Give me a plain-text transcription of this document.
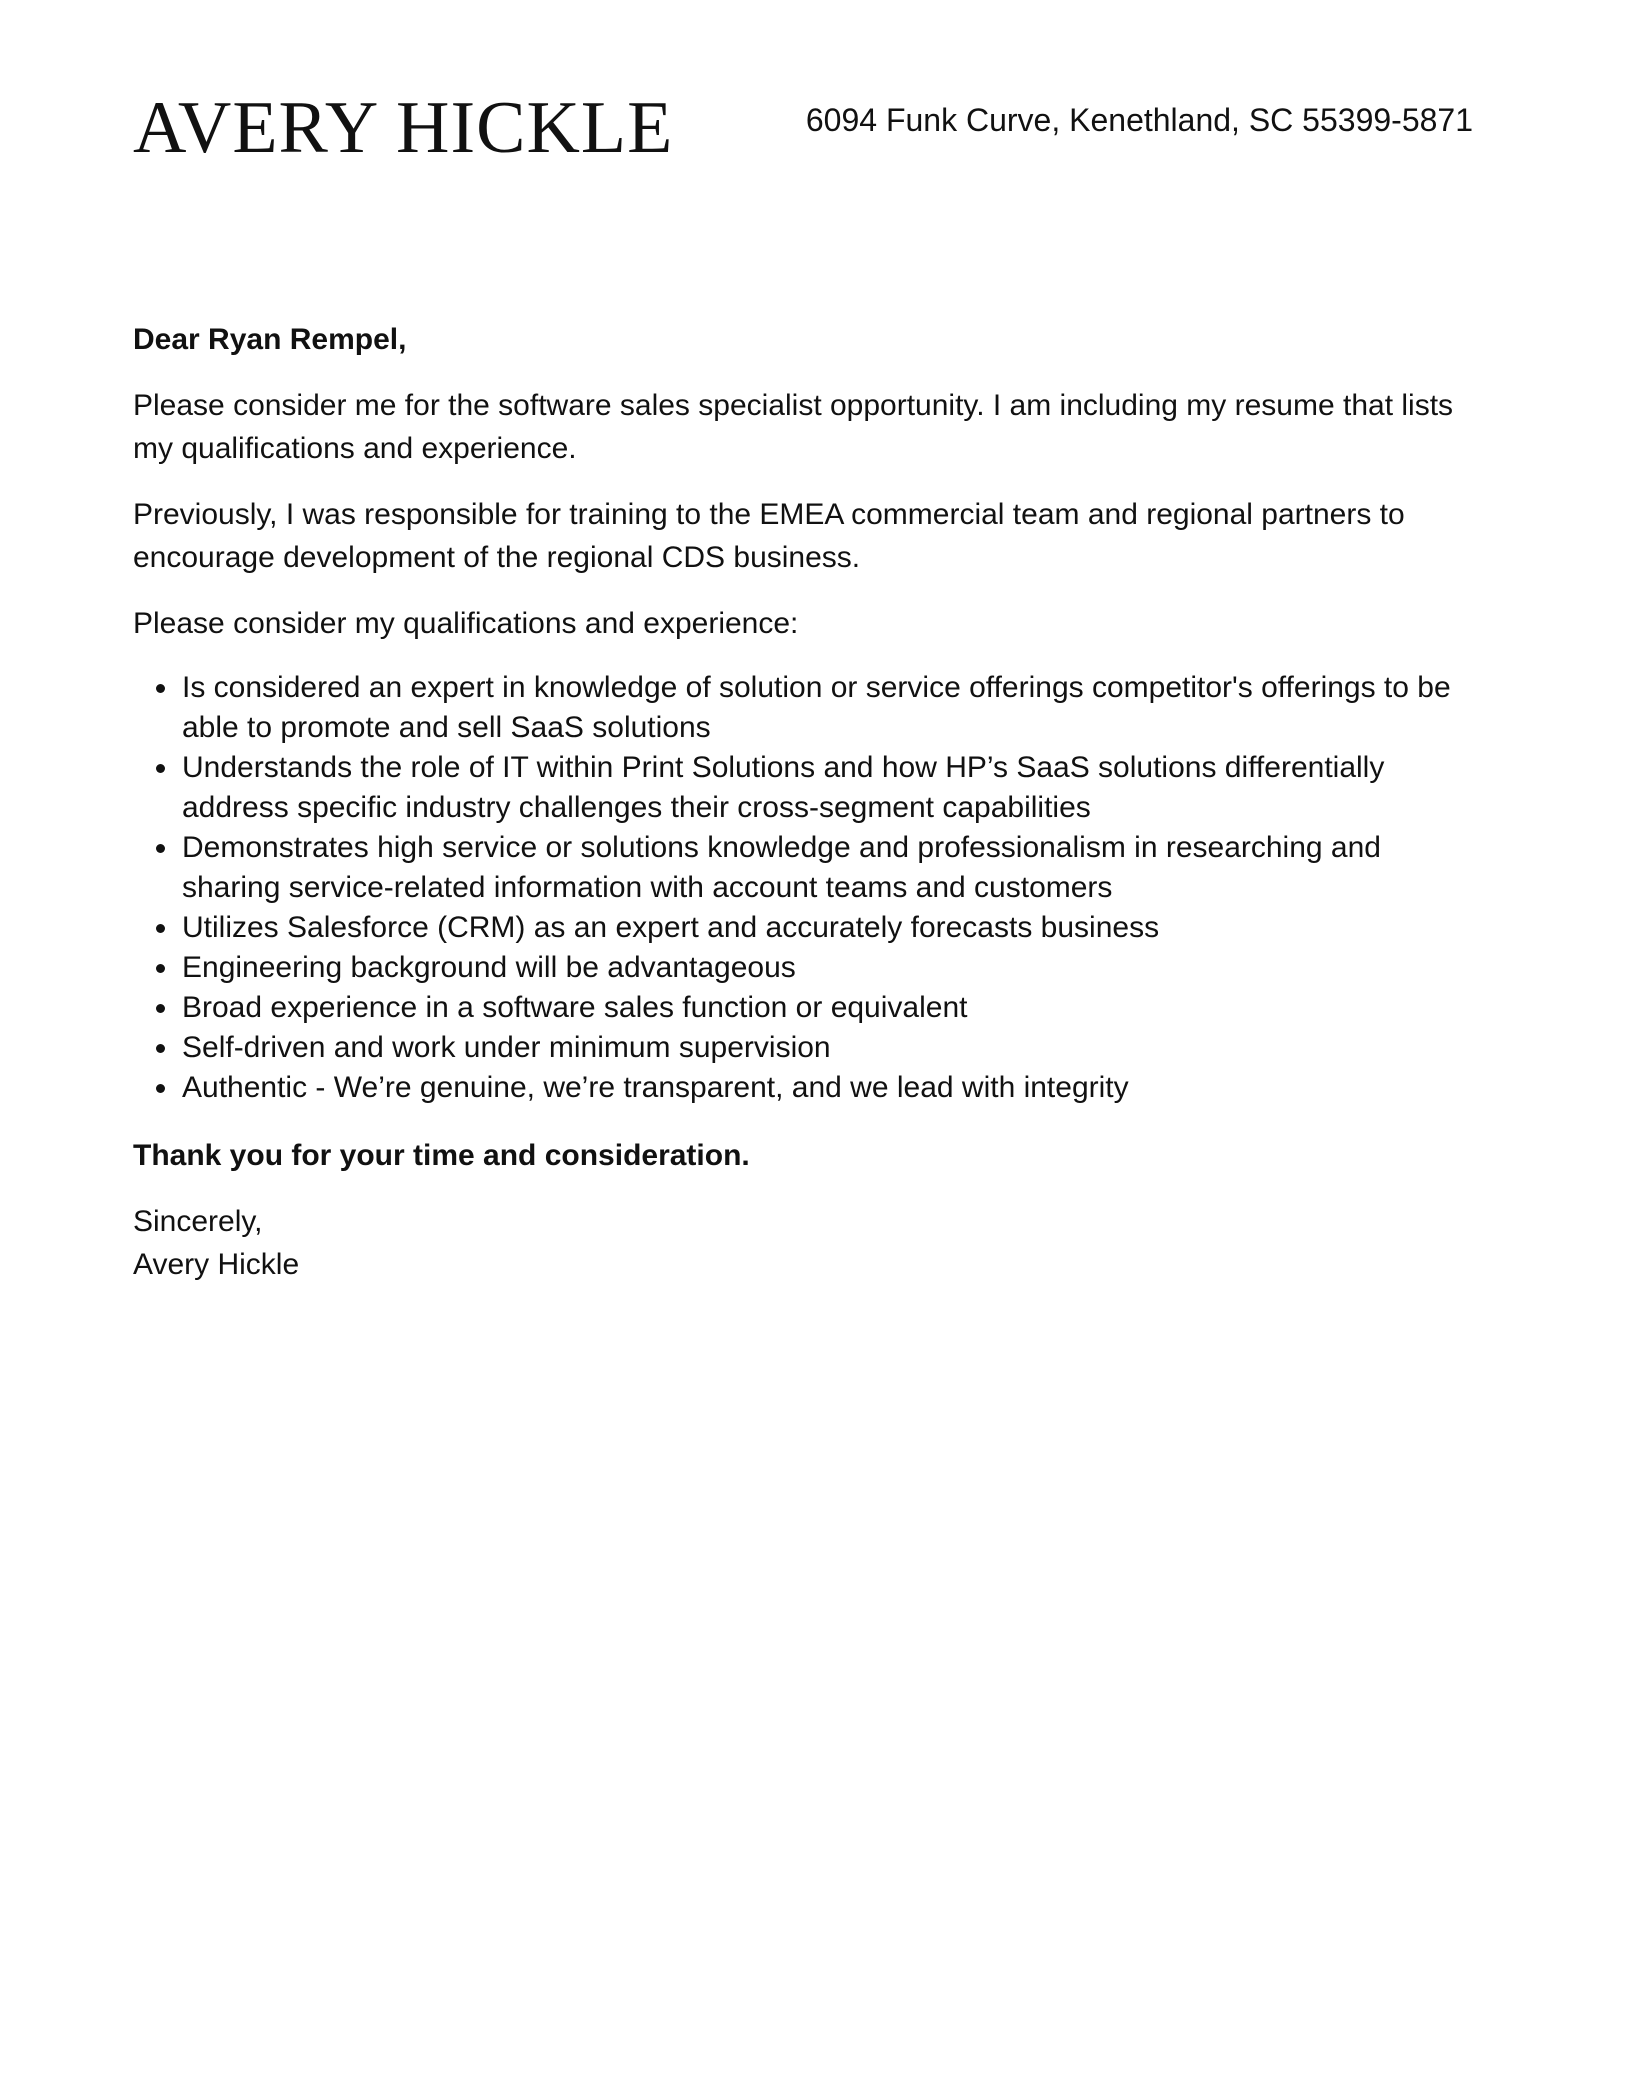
AVERY HICKLE	6094 Funk Curve, Kenethland, SC 55399-5871

Dear Ryan Rempel,

Please consider me for the software sales specialist opportunity. I am including my resume that lists my qualifications and experience.

Previously, I was responsible for training to the EMEA commercial team and regional partners to encourage development of the regional CDS business.

Please consider my qualifications and experience:

Is considered an expert in knowledge of solution or service offerings competitor's offerings to be able to promote and sell SaaS solutions
Understands the role of IT within Print Solutions and how HP’s SaaS solutions differentially address specific industry challenges their cross-segment capabilities
Demonstrates high service or solutions knowledge and professionalism in researching and sharing service-related information with account teams and customers
Utilizes Salesforce (CRM) as an expert and accurately forecasts business
Engineering background will be advantageous
Broad experience in a software sales function or equivalent
Self-driven and work under minimum supervision
Authentic - We’re genuine, we’re transparent, and we lead with integrity

Thank you for your time and consideration.

Sincerely,
Avery Hickle
